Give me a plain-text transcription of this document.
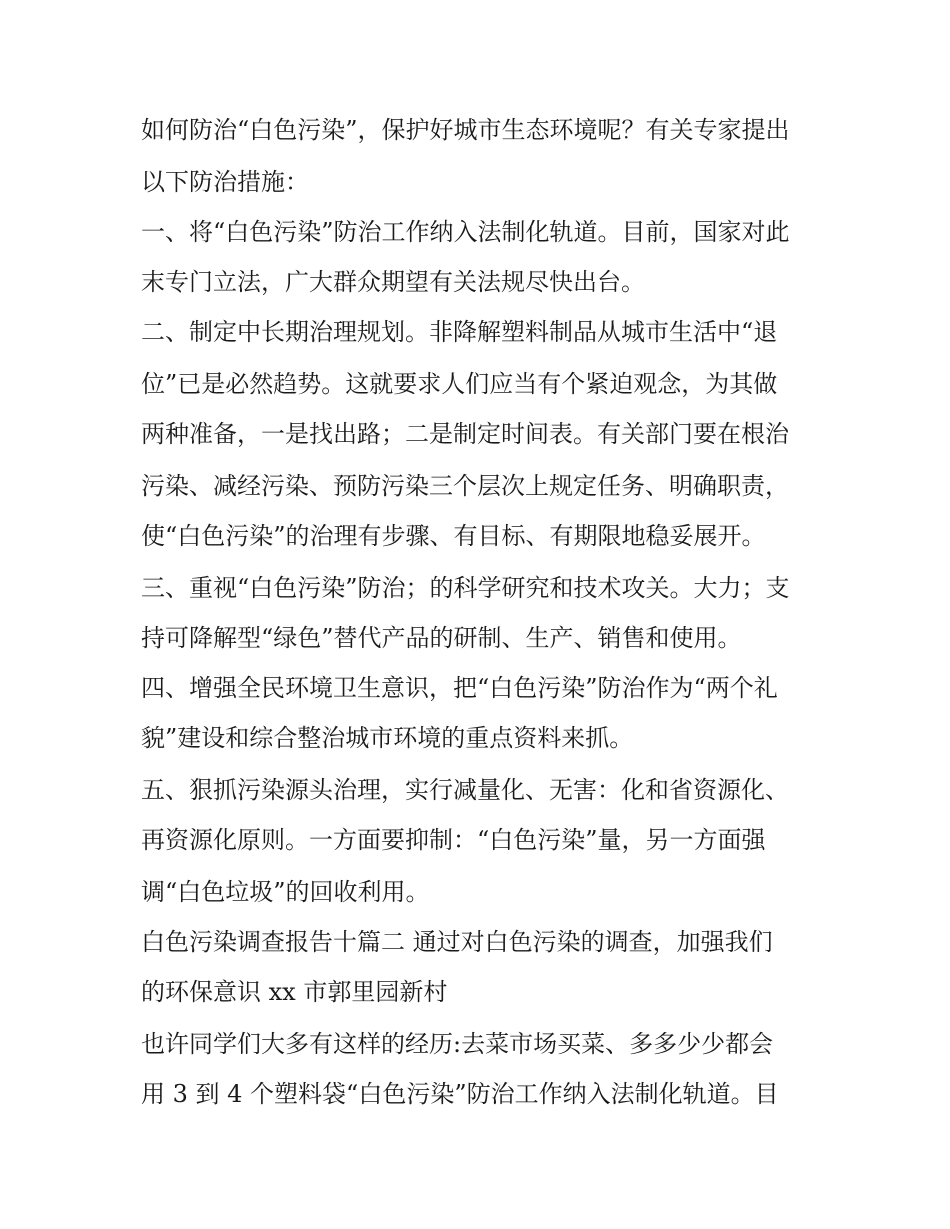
如何防治“白色污染”，保护好城市生态环境呢？有关专家提出
以下防治措施：
一、将“白色污染”防治工作纳入法制化轨道。目前，国家对此
末专门立法，广大群众期望有关法规尽快出台。
二、制定中长期治理规划。非降解塑料制品从城市生活中“退
位”已是必然趋势。这就要求人们应当有个紧迫观念，为其做
两种准备，一是找出路；二是制定时间表。有关部门要在根治
污染、减经污染、预防污染三个层次上规定任务、明确职责，
使“白色污染”的治理有步骤、有目标、有期限地稳妥展开。
三、重视“白色污染”防治；的科学研究和技术攻关。大力；支
持可降解型“绿色”替代产品的研制、生产、销售和使用。
四、增强全民环境卫生意识，把“白色污染”防治作为“两个礼
貌”建设和综合整治城市环境的重点资料来抓。
五、狠抓污染源头治理，实行减量化、无害：化和省资源化、
再资源化原则。一方面要抑制：“白色污染”量，另一方面强
调“白色垃圾”的回收利用。
白色污染调查报告十篇二 通过对白色污染的调查，加强我们
的环保意识 xx 市郭里园新村
也许同学们大多有这样的经历:去菜市场买菜、多多少少都会
用 3 到 4 个塑料袋“白色污染”防治工作纳入法制化轨道。目
